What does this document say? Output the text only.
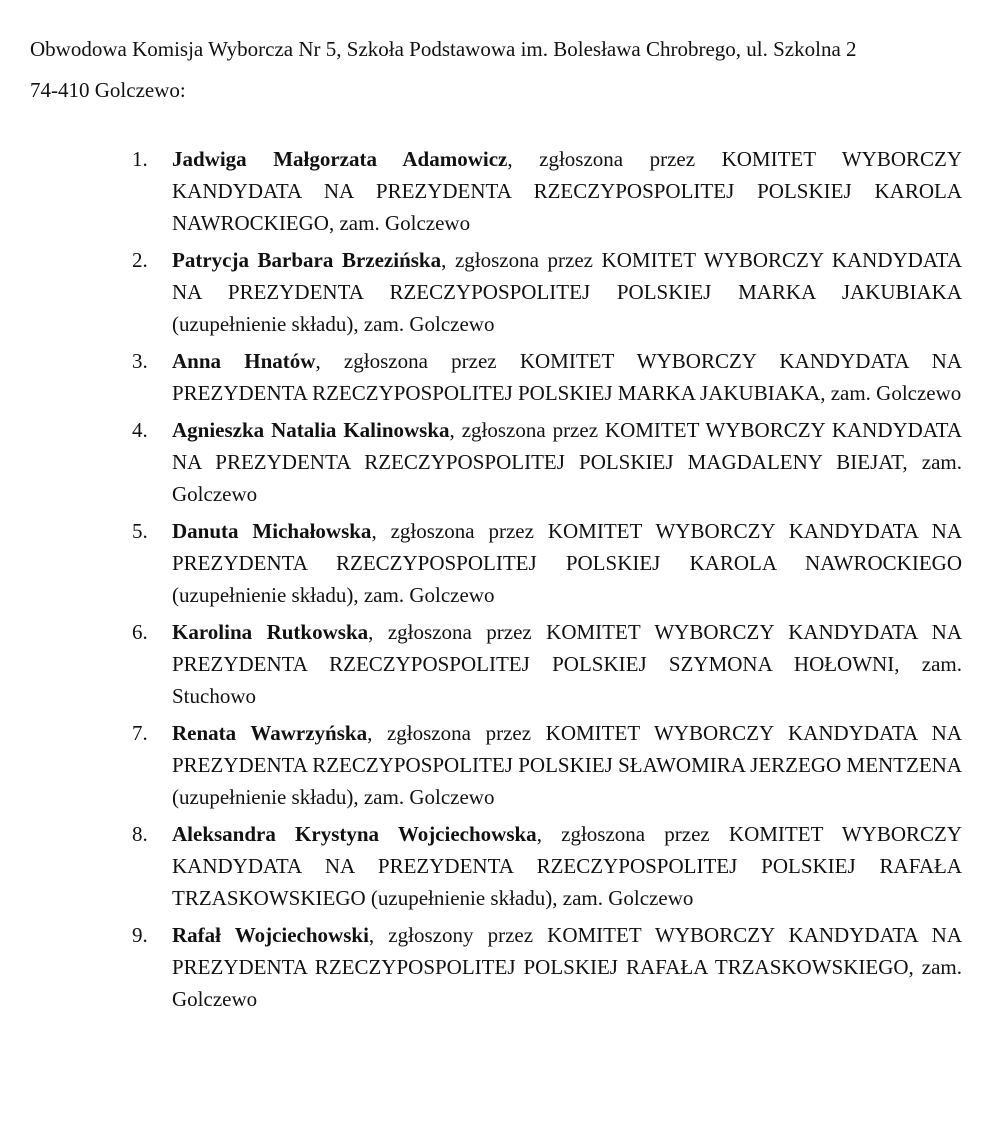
Obwodowa Komisja Wyborcza Nr 5, Szkoła Podstawowa im. Bolesława Chrobrego, ul. Szkolna 2
74-410 Golczewo:
1.	Jadwiga Małgorzata Adamowicz, zgłoszona przez KOMITET WYBORCZY KANDYDATA NA PREZYDENTA RZECZYPOSPOLITEJ POLSKIEJ KAROLA NAWROCKIEGO, zam. Golczewo
2.	Patrycja Barbara Brzezińska, zgłoszona przez KOMITET WYBORCZY KANDYDATA NA PREZYDENTA RZECZYPOSPOLITEJ POLSKIEJ MARKA JAKUBIAKA (uzupełnienie składu), zam. Golczewo
3.	Anna Hnatów, zgłoszona przez KOMITET WYBORCZY KANDYDATA NA PREZYDENTA RZECZYPOSPOLITEJ POLSKIEJ MARKA JAKUBIAKA, zam. Golczewo
4.	Agnieszka Natalia Kalinowska, zgłoszona przez KOMITET WYBORCZY KANDYDATA NA PREZYDENTA RZECZYPOSPOLITEJ POLSKIEJ MAGDALENY BIEJAT, zam. Golczewo
5.	Danuta Michałowska, zgłoszona przez KOMITET WYBORCZY KANDYDATA NA PREZYDENTA RZECZYPOSPOLITEJ POLSKIEJ KAROLA NAWROCKIEGO (uzupełnienie składu), zam. Golczewo
6.	Karolina Rutkowska, zgłoszona przez KOMITET WYBORCZY KANDYDATA NA PREZYDENTA RZECZYPOSPOLITEJ POLSKIEJ SZYMONA HOŁOWNI, zam. Stuchowo
7.	Renata Wawrzyńska, zgłoszona przez KOMITET WYBORCZY KANDYDATA NA PREZYDENTA RZECZYPOSPOLITEJ POLSKIEJ SŁAWOMIRA JERZEGO MENTZENA (uzupełnienie składu), zam. Golczewo
8.	Aleksandra Krystyna Wojciechowska, zgłoszona przez KOMITET WYBORCZY KANDYDATA NA PREZYDENTA RZECZYPOSPOLITEJ POLSKIEJ RAFAŁA TRZASKOWSKIEGO (uzupełnienie składu), zam. Golczewo
9.	Rafał Wojciechowski, zgłoszony przez KOMITET WYBORCZY KANDYDATA NA PREZYDENTA RZECZYPOSPOLITEJ POLSKIEJ RAFAŁA TRZASKOWSKIEGO, zam. Golczewo
